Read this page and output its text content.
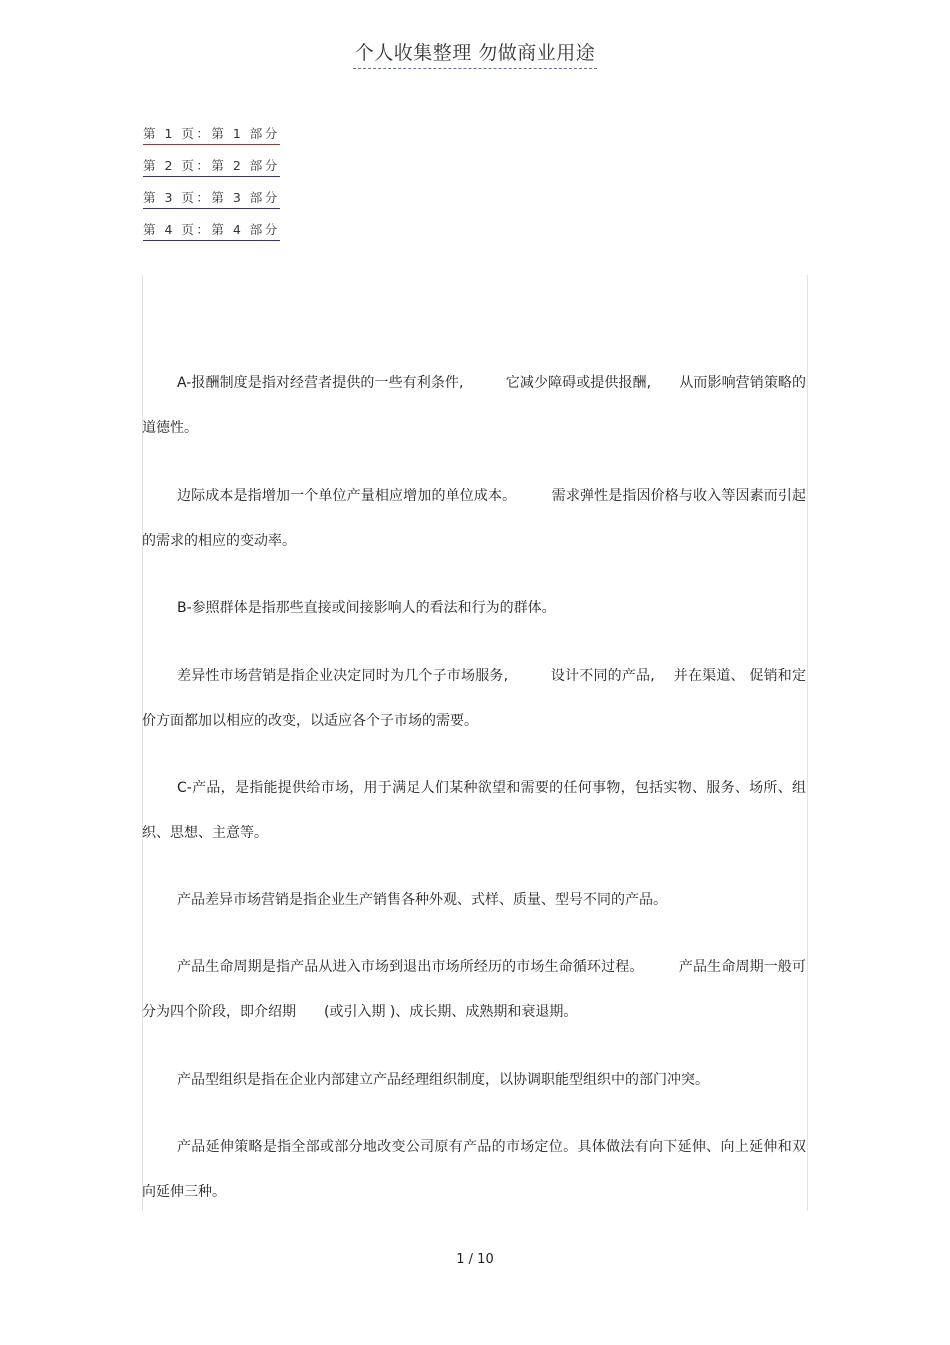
个人收集整理 勿做商业用途
第 1 页：第 1 部分
第 2 页：第 2 部分
第 3 页：第 3 部分
第 4 页：第 4 部分

A-报酬制度是指对经营者提供的一些有利条件,　　　它减少障碍或提供报酬,　　从而影响营销策略的道德性。

边际成本是指增加一个单位产量相应增加的单位成本。　　　需求弹性是指因价格与收入等因素而引起的需求的相应的变动率。

B-参照群体是指那些直接或间接影响人的看法和行为的群体。

差异性市场营销是指企业决定同时为几个子市场服务,　　　设计不同的产品,　 并在渠道、 促销和定价方面都加以相应的改变，以适应各个子市场的需要。

C-产品，是指能提供给市场，用于满足人们某种欲望和需要的任何事物，包括实物、服务、场所、组织、思想、主意等。

产品差异市场营销是指企业生产销售各种外观、式样、质量、型号不同的产品。

产品生命周期是指产品从进入市场到退出市场所经历的市场生命循环过程。　　　产品生命周期一般可分为四个阶段，即介绍期　　(或引入期 )、成长期、成熟期和衰退期。

产品型组织是指在企业内部建立产品经理组织制度，以协调职能型组织中的部门冲突。

产品延伸策略是指全部或部分地改变公司原有产品的市场定位。具体做法有向下延伸、向上延伸和双向延伸三种。

1 / 10
